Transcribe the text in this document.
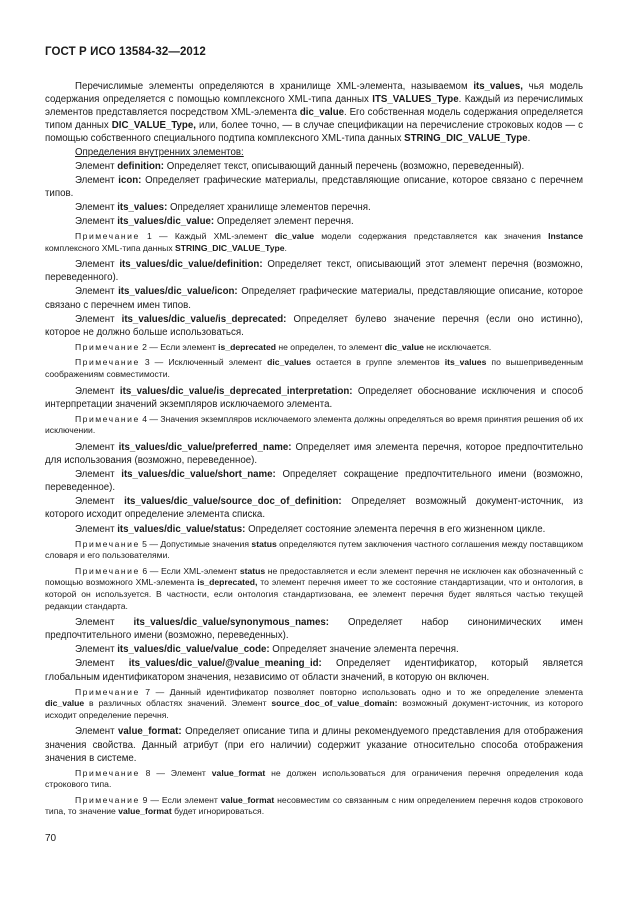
ГОСТ Р ИСО 13584-32—2012

Перечислимые элементы определяются в хранилище XML-элемента, называемом its_values, чья модель содержания определяется с помощью комплексного XML-типа данных ITS_VALUES_Type. Каждый из перечислимых элементов представляется посредством XML-элемента dic_value. Его собственная модель содержания определяется типом данных DIC_VALUE_Type, или, более точно, — в случае спецификации на перечисление строковых кодов — с помощью собственного специального подтипа комплексного XML-типа данных STRING_DIC_VALUE_Type.

Определения внутренних элементов:

Элемент definition: Определяет текст, описывающий данный перечень (возможно, переведенный).

Элемент icon: Определяет графические материалы, представляющие описание, которое связано с перечнем типов.

Элемент its_values: Определяет хранилище элементов перечня.

Элемент its_values/dic_value: Определяет элемент перечня.

Примечание 1 — Каждый XML-элемент dic_value модели содержания представляется как значения Instance комплексного XML-типа данных STRING_DIC_VALUE_Type.

Элемент its_values/dic_value/definition: Определяет текст, описывающий этот элемент перечня (возможно, переведенного).

Элемент its_values/dic_value/icon: Определяет графические материалы, представляющие описание, которое связано с перечнем имен типов.

Элемент its_values/dic_value/is_deprecated: Определяет булево значение перечня (если оно истинно), которое не должно больше использоваться.

Примечание 2 — Если элемент is_deprecated не определен, то элемент dic_value не исключается.

Примечание 3 — Исключенный элемент dic_values остается в группе элементов its_values по вышеприведенным соображениям совместимости.

Элемент its_values/dic_value/is_deprecated_interpretation: Определяет обоснование исключения и способ интерпретации значений экземпляров исключаемого элемента.

Примечание 4 — Значения экземпляров исключаемого элемента должны определяться во время принятия решения об их исключении.

Элемент its_values/dic_value/preferred_name: Определяет имя элемента перечня, которое предпочтительно для использования (возможно, переведенное).

Элемент its_values/dic_value/short_name: Определяет сокращение предпочтительного имени (возможно, переведенное).

Элемент its_values/dic_value/source_doc_of_definition: Определяет возможный документ-источник, из которого исходит определение элемента списка.

Элемент its_values/dic_value/status: Определяет состояние элемента перечня в его жизненном цикле.

Примечание 5 — Допустимые значения status определяются путем заключения частного соглашения между поставщиком словаря и его пользователями.

Примечание 6 — Если XML-элемент status не предоставляется и если элемент перечня не исключен как обозначенный с помощью возможного XML-элемента is_deprecated, то элемент перечня имеет то же состояние стандартизации, что и онтология, в которой он используется. В частности, если онтология стандартизована, ее элемент перечня будет являться частью текущей редакции стандарта.

Элемент its_values/dic_value/synonymous_names: Определяет набор синонимических имен предпочтительного имени (возможно, переведенных).

Элемент its_values/dic_value/value_code: Определяет значение элемента перечня.

Элемент its_values/dic_value/@value_meaning_id: Определяет идентификатор, который является глобальным идентификатором значения, независимо от области значений, в которую он включен.

Примечание 7 — Данный идентификатор позволяет повторно использовать одно и то же определение элемента dic_value в различных областях значений. Элемент source_doc_of_value_domain: возможный документ-источник, из которого исходит определение перечня.

Элемент value_format: Определяет описание типа и длины рекомендуемого представления для отображения значения свойства. Данный атрибут (при его наличии) содержит указание относительно способа отображения значения в системе.

Примечание 8 — Элемент value_format не должен использоваться для ограничения перечня определения кода строкового типа.

Примечание 9 — Если элемент value_format несовместим со связанным с ним определением перечня кодов строкового типа, то значение value_format будет игнорироваться.

70
